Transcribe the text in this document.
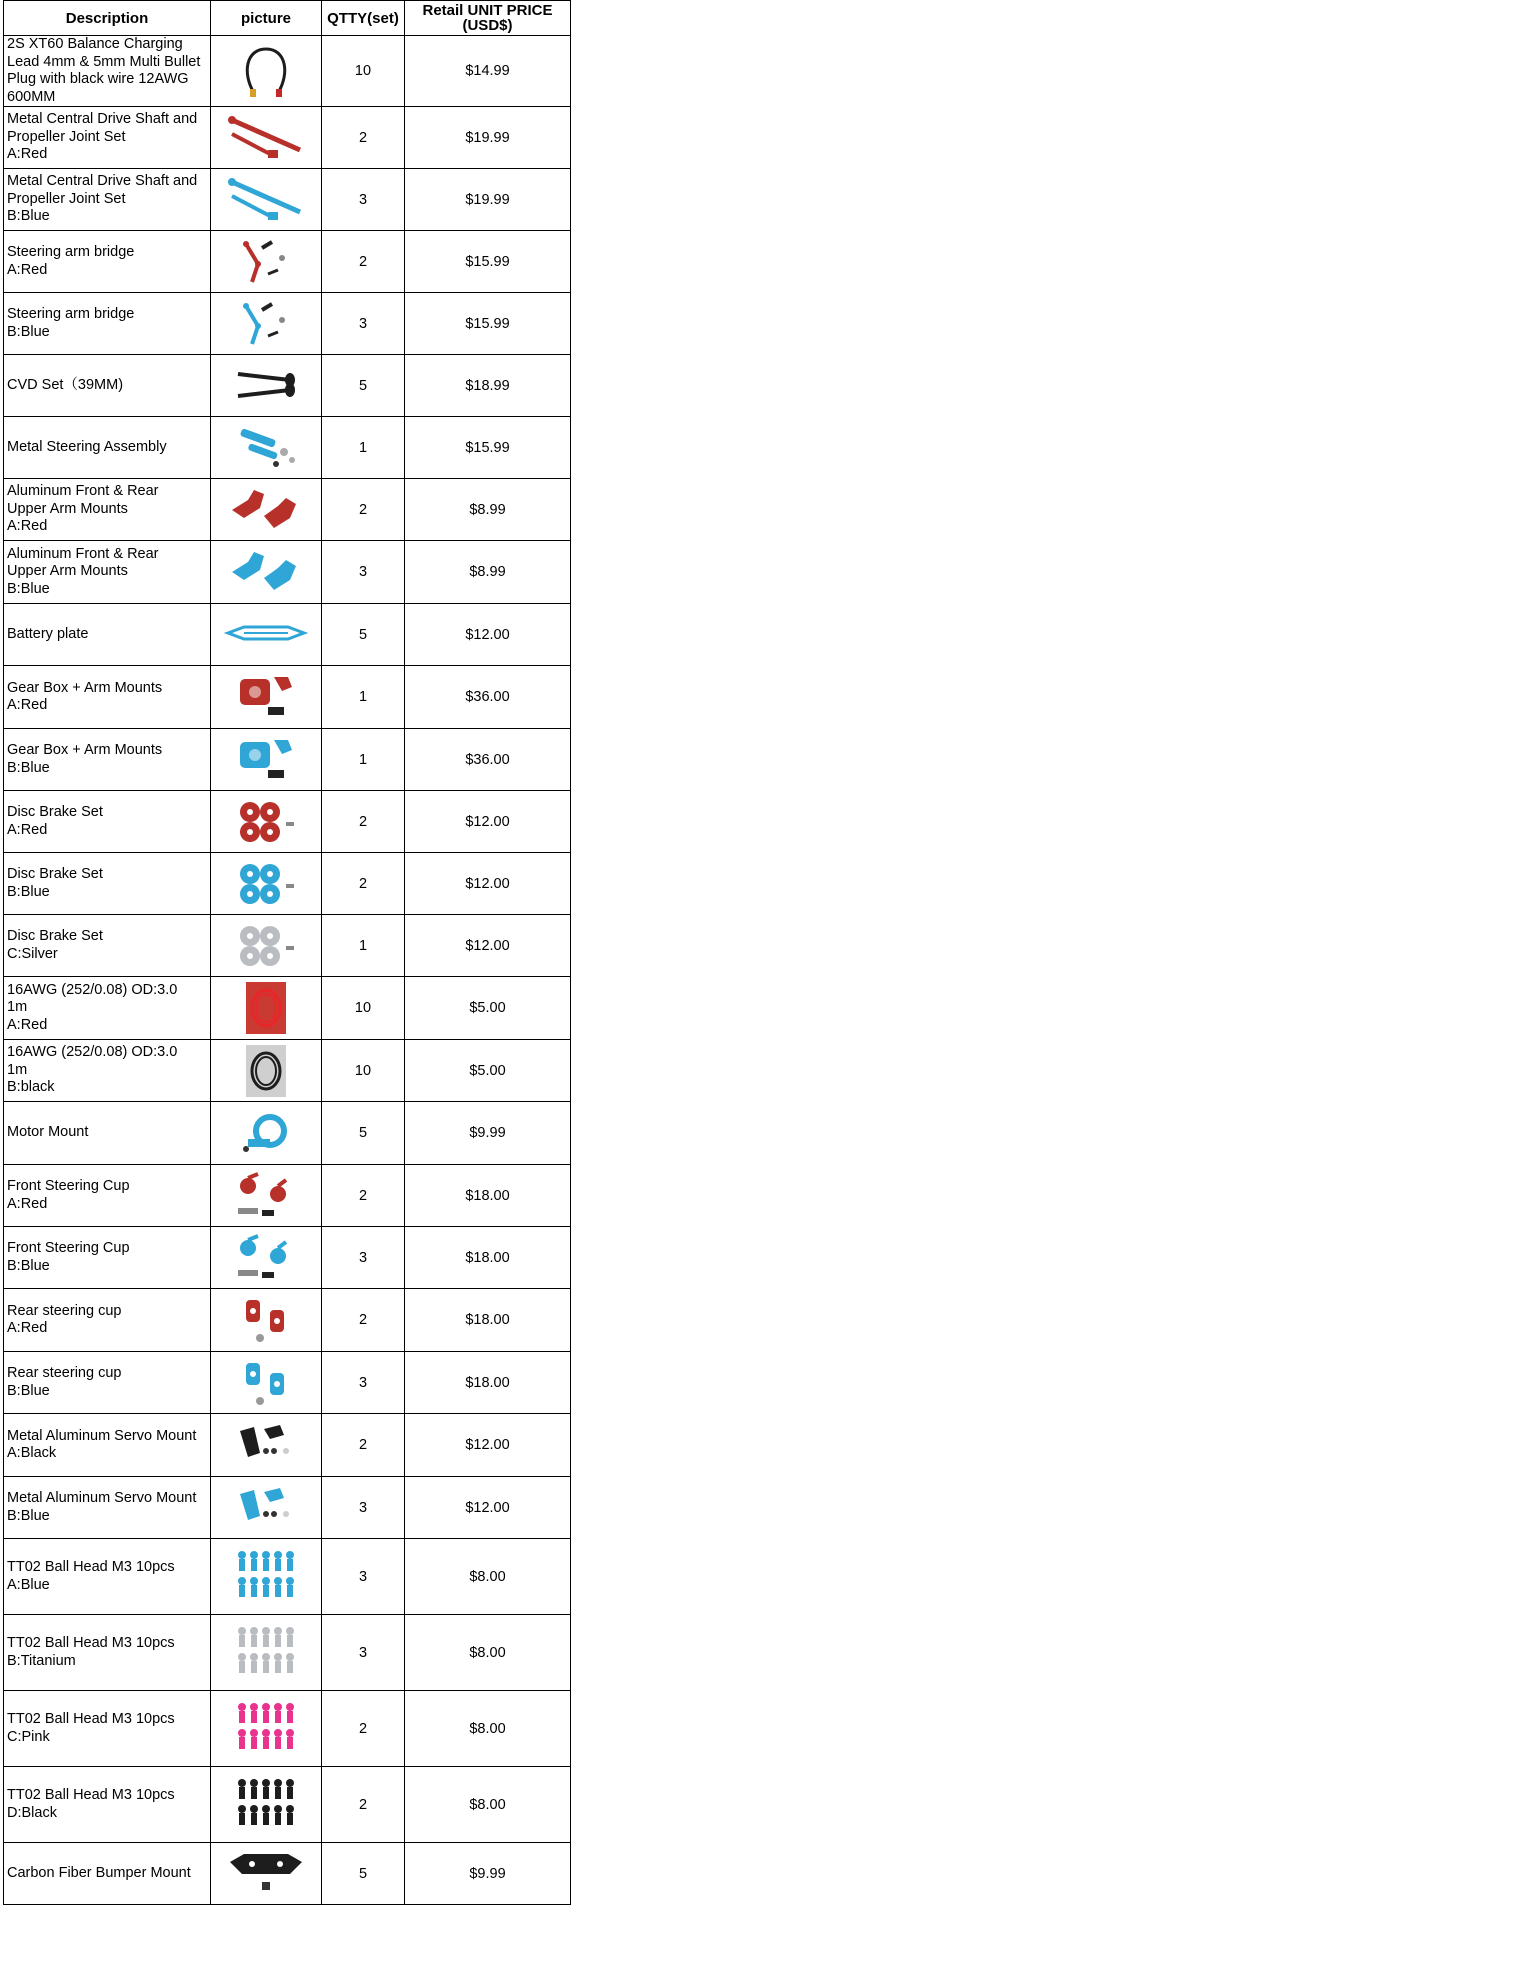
Description	picture	QTTY(set)	Retail UNIT PRICE (USD$)

2S XT60 Balance Charging
Lead 4mm & 5mm Multi Bullet
Plug with black wire 12AWG
600MM		10	$14.99

Metal Central Drive Shaft and
Propeller Joint Set
A:Red		2	$19.99

Metal Central Drive Shaft and
Propeller Joint Set
B:Blue		3	$19.99

Steering arm bridge
A:Red		2	$15.99

Steering arm bridge
B:Blue		3	$15.99

CVD Set（39MM)		5	$18.99

Metal Steering Assembly		1	$15.99

Aluminum Front & Rear
Upper Arm Mounts
A:Red		2	$8.99

Aluminum Front & Rear
Upper Arm Mounts
B:Blue		3	$8.99

Battery plate		5	$12.00

Gear Box + Arm Mounts
A:Red		1	$36.00

Gear Box + Arm Mounts
B:Blue		1	$36.00

Disc Brake Set
A:Red		2	$12.00

Disc Brake Set
B:Blue		2	$12.00

Disc Brake Set
C:Silver		1	$12.00

16AWG (252/0.08) OD:3.0
1m
A:Red		10	$5.00

16AWG (252/0.08) OD:3.0
1m
B:black		10	$5.00

Motor Mount		5	$9.99

Front Steering Cup
A:Red		2	$18.00

Front Steering Cup
B:Blue		3	$18.00

Rear steering cup
A:Red		2	$18.00

Rear steering cup
B:Blue		3	$18.00

Metal Aluminum Servo Mount
A:Black		2	$12.00

Metal Aluminum Servo Mount
B:Blue		3	$12.00

TT02 Ball Head M3 10pcs
A:Blue		3	$8.00

TT02 Ball Head M3 10pcs
B:Titanium		3	$8.00

TT02 Ball Head M3 10pcs
C:Pink		2	$8.00

TT02 Ball Head M3 10pcs
D:Black		2	$8.00

Carbon Fiber Bumper Mount		5	$9.99
